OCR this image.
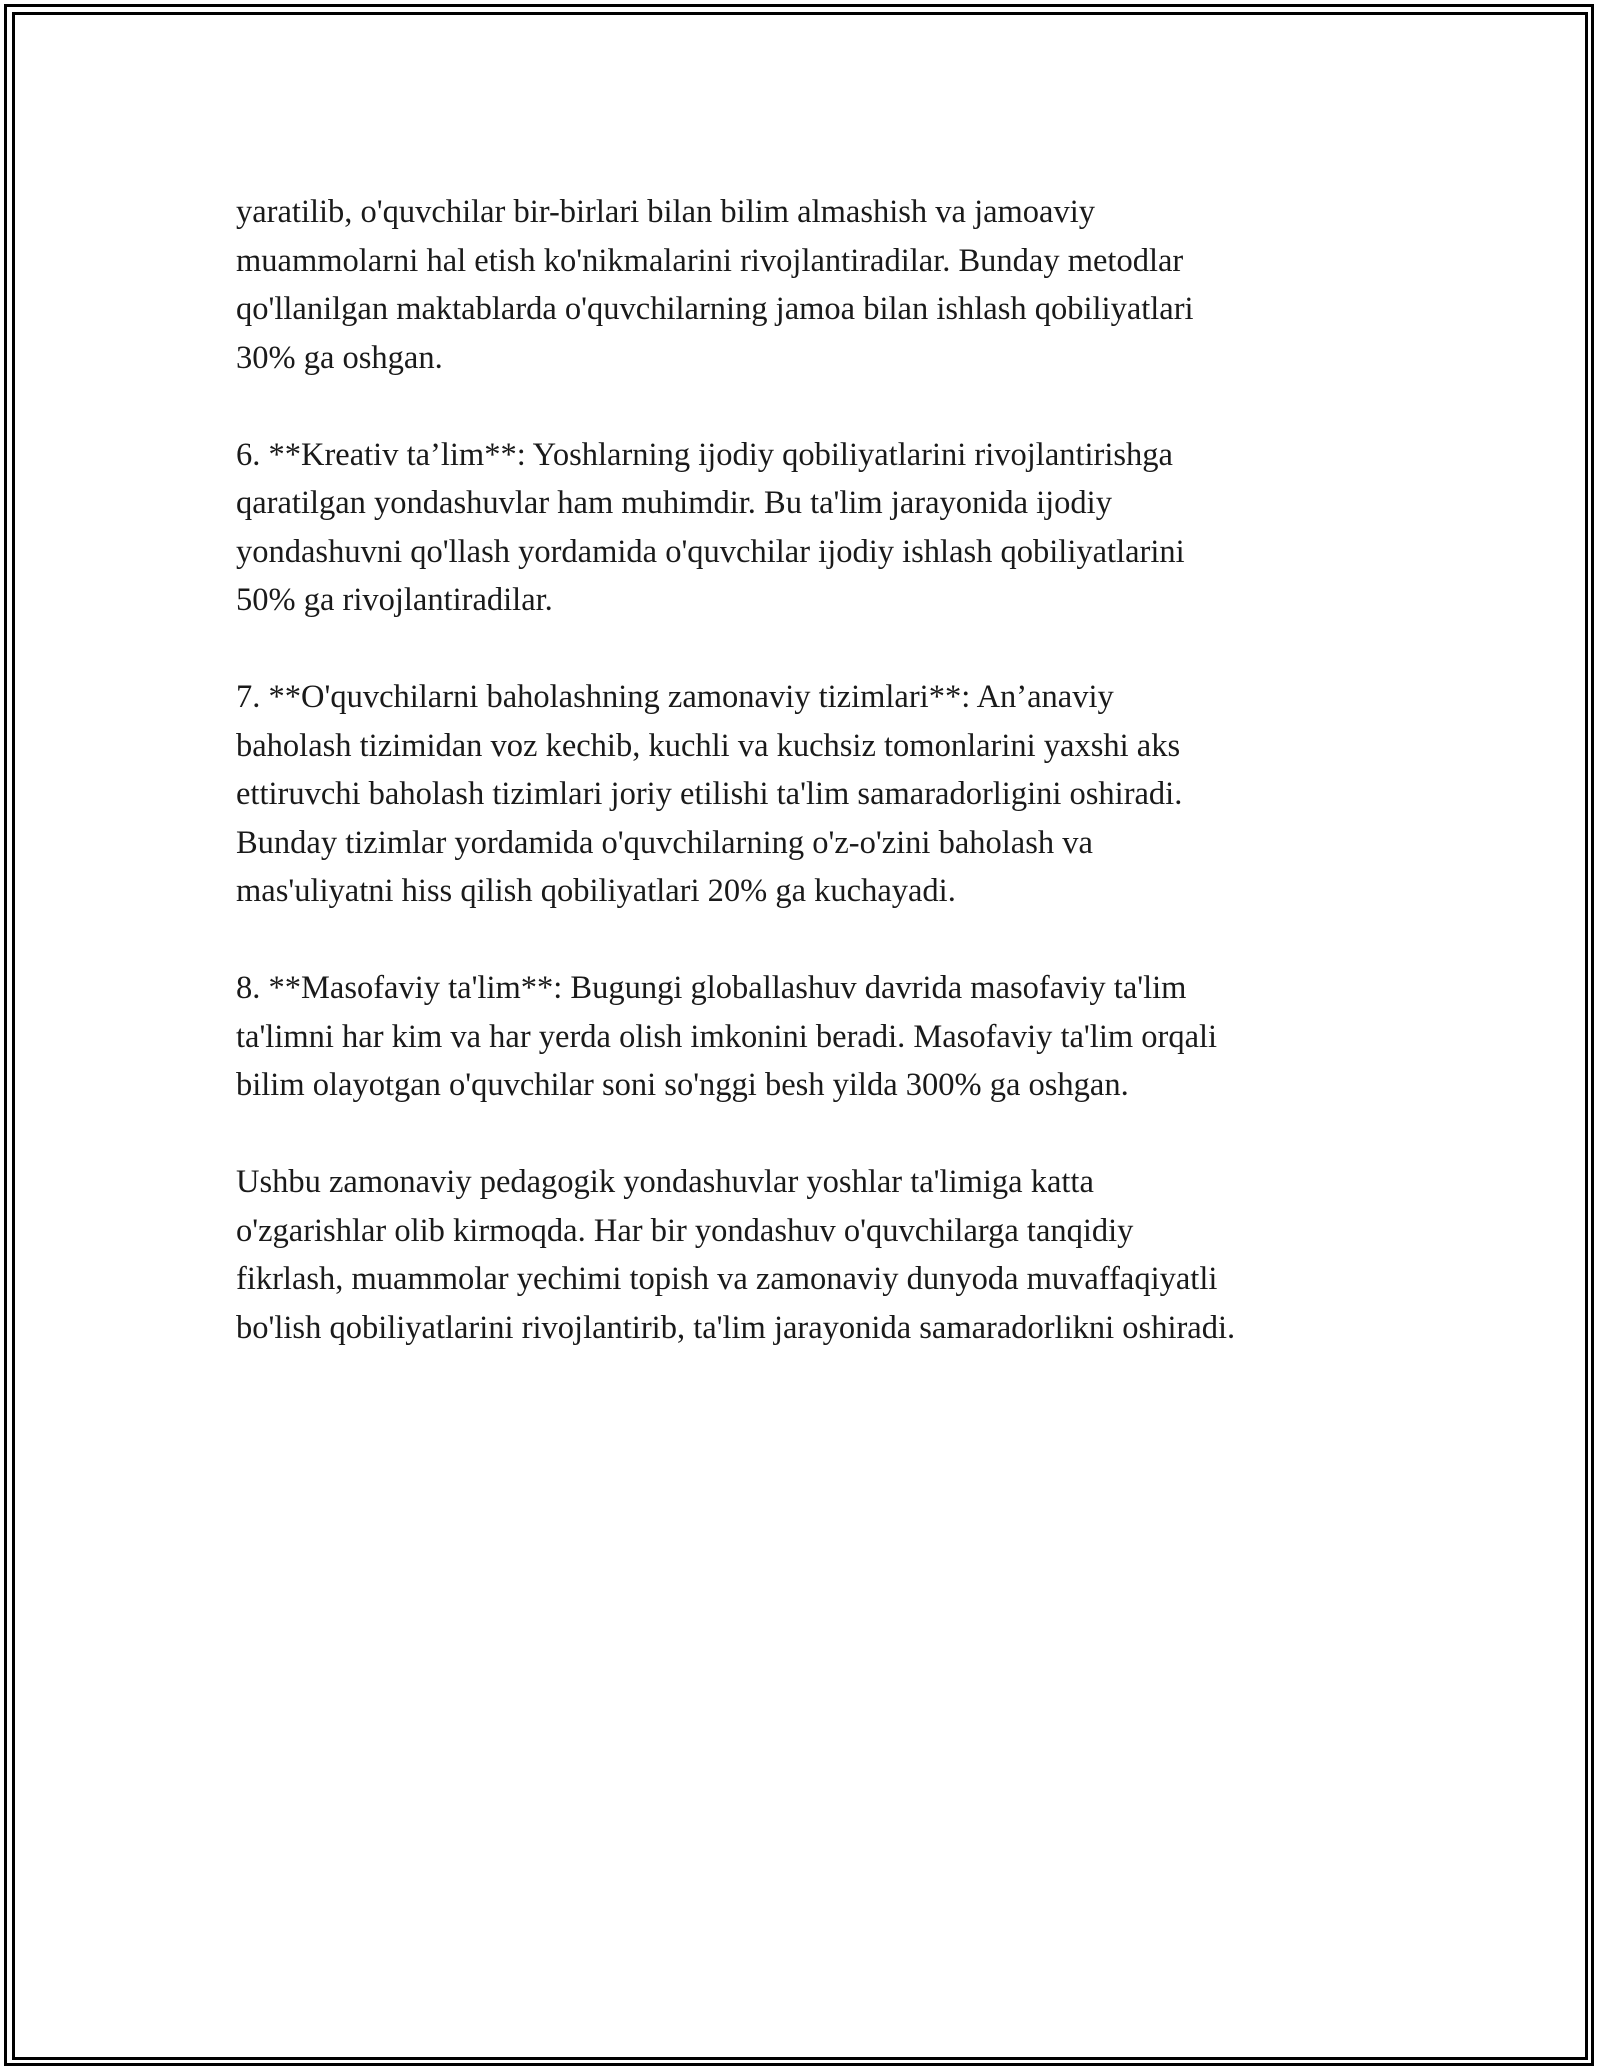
yaratilib, o'quvchilar bir-birlari bilan bilim almashish va jamoaviy
muammolarni hal etish ko'nikmalarini rivojlantiradilar. Bunday metodlar
qo'llanilgan maktablarda o'quvchilarning jamoa bilan ishlash qobiliyatlari
30% ga oshgan.

6. **Kreativ ta’lim**: Yoshlarning ijodiy qobiliyatlarini rivojlantirishga
qaratilgan yondashuvlar ham muhimdir. Bu ta'lim jarayonida ijodiy
yondashuvni qo'llash yordamida o'quvchilar ijodiy ishlash qobiliyatlarini
50% ga rivojlantiradilar.

7. **O'quvchilarni baholashning zamonaviy tizimlari**: An’anaviy
baholash tizimidan voz kechib, kuchli va kuchsiz tomonlarini yaxshi aks
ettiruvchi baholash tizimlari joriy etilishi ta'lim samaradorligini oshiradi.
Bunday tizimlar yordamida o'quvchilarning o'z-o'zini baholash va
mas'uliyatni hiss qilish qobiliyatlari 20% ga kuchayadi.

8. **Masofaviy ta'lim**: Bugungi globallashuv davrida masofaviy ta'lim
ta'limni har kim va har yerda olish imkonini beradi. Masofaviy ta'lim orqali
bilim olayotgan o'quvchilar soni so'nggi besh yilda 300% ga oshgan.

Ushbu zamonaviy pedagogik yondashuvlar yoshlar ta'limiga katta
o'zgarishlar olib kirmoqda. Har bir yondashuv o'quvchilarga tanqidiy
fikrlash, muammolar yechimi topish va zamonaviy dunyoda muvaffaqiyatli
bo'lish qobiliyatlarini rivojlantirib, ta'lim jarayonida samaradorlikni oshiradi.
